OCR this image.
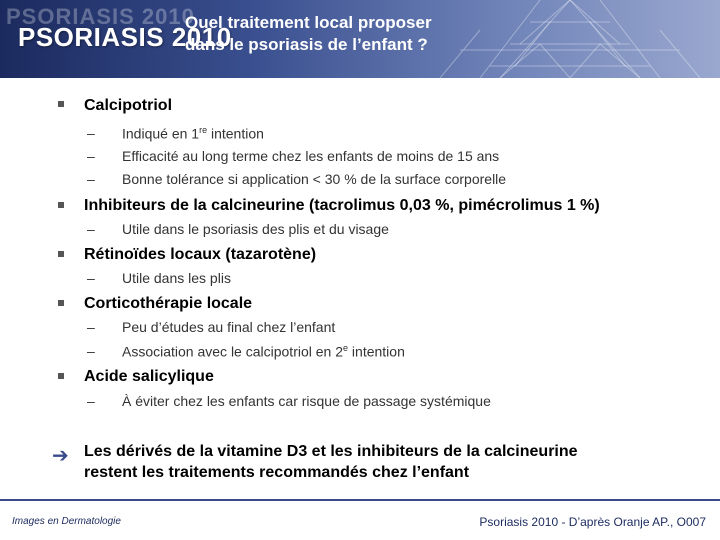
PSORIASIS 2010
PSORIASIS 2010
Quel traitement local proposer
dans le psoriasis de l’enfant ?
Calcipotriol
– Indiqué en 1re intention
– Efficacité au long terme chez les enfants de moins de 15 ans
– Bonne tolérance si application < 30 % de la surface corporelle
Inhibiteurs de la calcineurine (tacrolimus 0,03 %, pimécrolimus 1 %)
– Utile dans le psoriasis des plis et du visage
Rétinoïdes locaux (tazarotène)
– Utile dans les plis
Corticothérapie locale
– Peu d’études au final chez l’enfant
– Association avec le calcipotriol en 2e intention
Acide salicylique
– À éviter chez les enfants car risque de passage systémique
➔ Les dérivés de la vitamine D3 et les inhibiteurs de la calcineurine
restent les traitements recommandés chez l’enfant
Images en Dermatologie	Psoriasis 2010 - D’après Oranje AP., O007
